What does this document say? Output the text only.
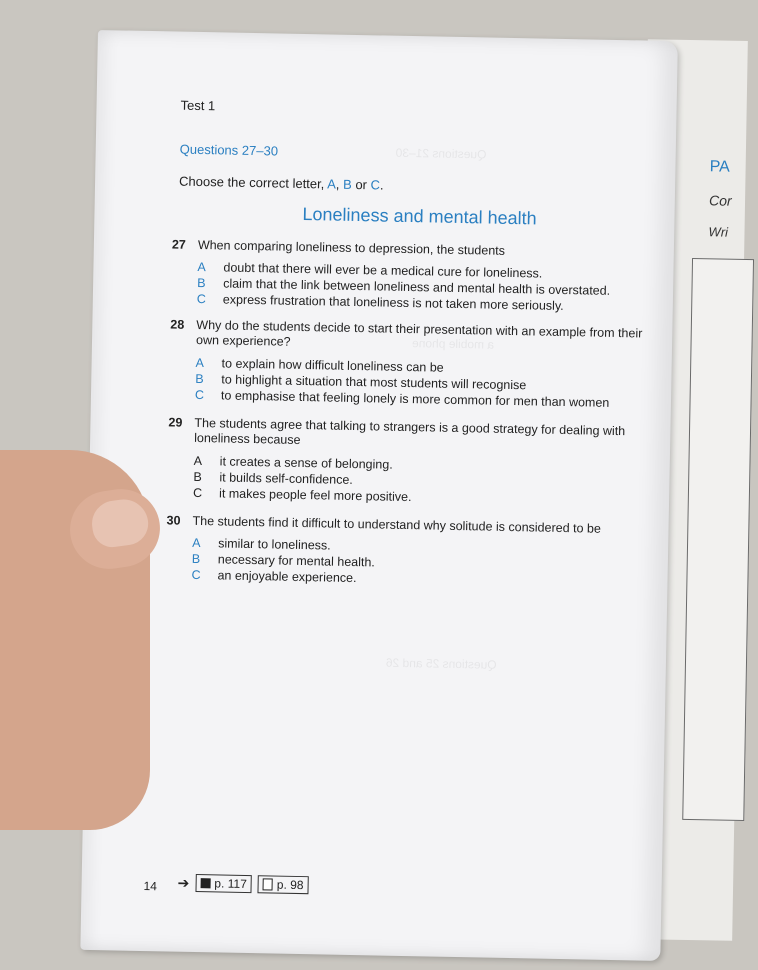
PA
Cor
Wri
Questions 21–30
a mobile phone
Questions 25 and 26
Test 1
Questions 27–30
Choose the correct letter, A, B or C.
Loneliness and mental health
27 When comparing loneliness to depression, the students
A doubt that there will ever be a medical cure for loneliness.
B claim that the link between loneliness and mental health is overstated.
C express frustration that loneliness is not taken more seriously.
28 Why do the students decide to start their presentation with an example from their own experience?
A to explain how difficult loneliness can be
B to highlight a situation that most students will recognise
C to emphasise that feeling lonely is more common for men than women
29 The students agree that talking to strangers is a good strategy for dealing with loneliness because
A it creates a sense of belonging.
B it builds self-confidence.
C it makes people feel more positive.
30 The students find it difficult to understand why solitude is considered to be
A similar to loneliness.
B necessary for mental health.
C an enjoyable experience.
14 ➔ p. 117 p. 98
